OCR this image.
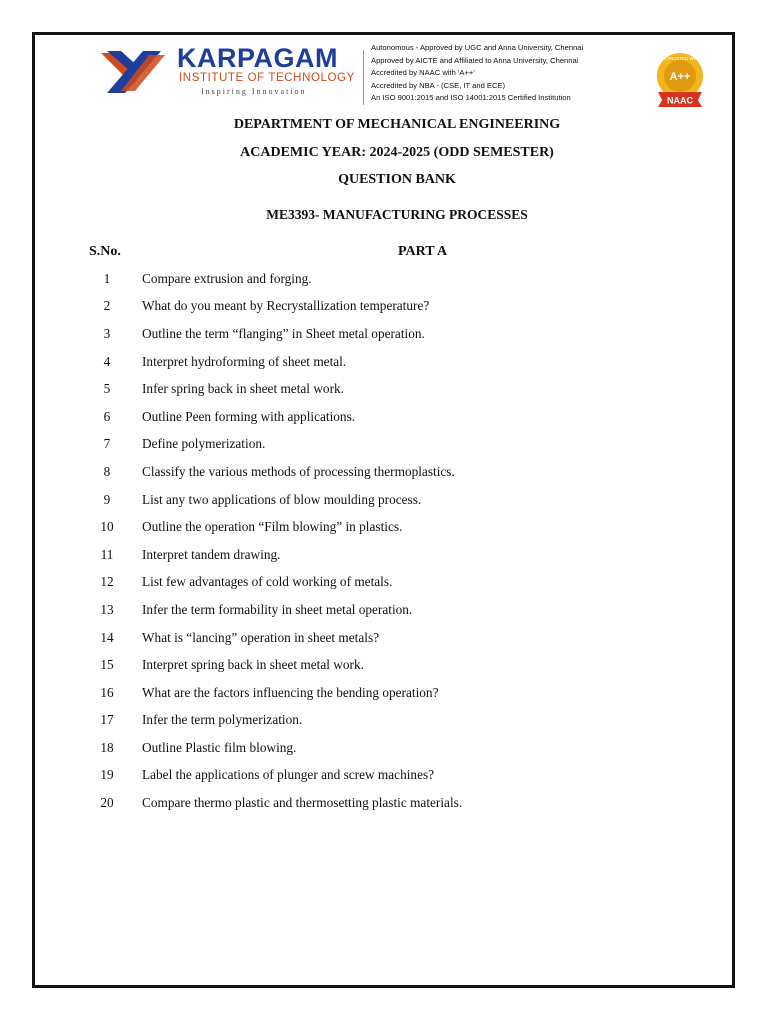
KARPAGAM
INSTITUTE OF TECHNOLOGY
Inspiring Innovation
Autonomous - Approved by UGC and Anna University, Chennai
Approved by AICTE and Affiliated to Anna University, Chennai
Accredited by NAAC with 'A++'
Accredited by NBA - (CSE, IT and ECE)
An ISO 9001:2015 and ISO 14001:2015 Certified Institution
ACCREDITED WITH
A++
NAAC
DEPARTMENT OF MECHANICAL ENGINEERING
ACADEMIC YEAR: 2024-2025 (ODD SEMESTER)
QUESTION BANK
ME3393- MANUFACTURING PROCESSES
S.No.	PART A
1	Compare extrusion and forging.
2	What do you meant by Recrystallization temperature?
3	Outline the term “flanging” in Sheet metal operation.
4	Interpret hydroforming of sheet metal.
5	Infer spring back in sheet metal work.
6	Outline Peen forming with applications.
7	Define polymerization.
8	Classify the various methods of processing thermoplastics.
9	List any two applications of blow moulding process.
10	Outline the operation “Film blowing” in plastics.
11	Interpret tandem drawing.
12	List few advantages of cold working of metals.
13	Infer the term formability in sheet metal operation.
14	What is “lancing” operation in sheet metals?
15	Interpret spring back in sheet metal work.
16	What are the factors influencing the bending operation?
17	Infer the term polymerization.
18	Outline Plastic film blowing.
19	Label the applications of plunger and screw machines?
20	Compare thermo plastic and thermosetting plastic materials.
